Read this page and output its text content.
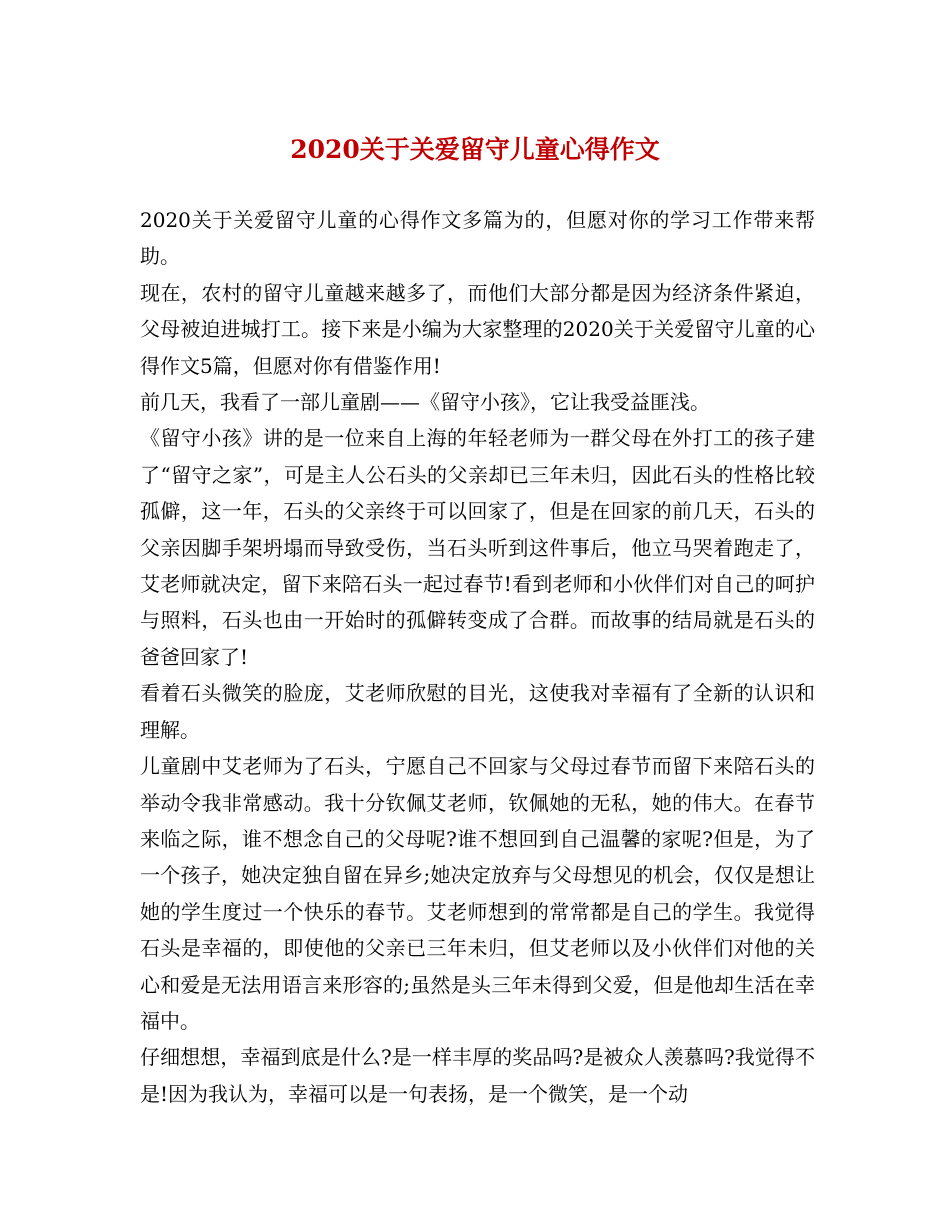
2020关于关爱留守儿童心得作文

2020关于关爱留守儿童的心得作文多篇为的，但愿对你的学习工作带来帮助。

现在，农村的留守儿童越来越多了，而他们大部分都是因为经济条件紧迫，父母被迫进城打工。接下来是小编为大家整理的2020关于关爱留守儿童的心得作文5篇，但愿对你有借鉴作用!

前几天，我看了一部儿童剧——《留守小孩》，它让我受益匪浅。

《留守小孩》讲的是一位来自上海的年轻老师为一群父母在外打工的孩子建了“留守之家”，可是主人公石头的父亲却已三年未归，因此石头的性格比较孤僻，这一年，石头的父亲终于可以回家了，但是在回家的前几天，石头的父亲因脚手架坍塌而导致受伤，当石头听到这件事后，他立马哭着跑走了，艾老师就决定，留下来陪石头一起过春节!看到老师和小伙伴们对自己的呵护与照料，石头也由一开始时的孤僻转变成了合群。而故事的结局就是石头的爸爸回家了!

看着石头微笑的脸庞，艾老师欣慰的目光，这使我对幸福有了全新的认识和理解。

儿童剧中艾老师为了石头，宁愿自己不回家与父母过春节而留下来陪石头的举动令我非常感动。我十分钦佩艾老师，钦佩她的无私，她的伟大。在春节来临之际，谁不想念自己的父母呢?谁不想回到自己温馨的家呢?但是，为了一个孩子，她决定独自留在异乡;她决定放弃与父母想见的机会，仅仅是想让她的学生度过一个快乐的春节。艾老师想到的常常都是自己的学生。我觉得石头是幸福的，即使他的父亲已三年未归，但艾老师以及小伙伴们对他的关心和爱是无法用语言来形容的;虽然是头三年未得到父爱，但是他却生活在幸福中。

仔细想想，幸福到底是什么?是一样丰厚的奖品吗?是被众人羡慕吗?我觉得不是!因为我认为，幸福可以是一句表扬，是一个微笑，是一个动
